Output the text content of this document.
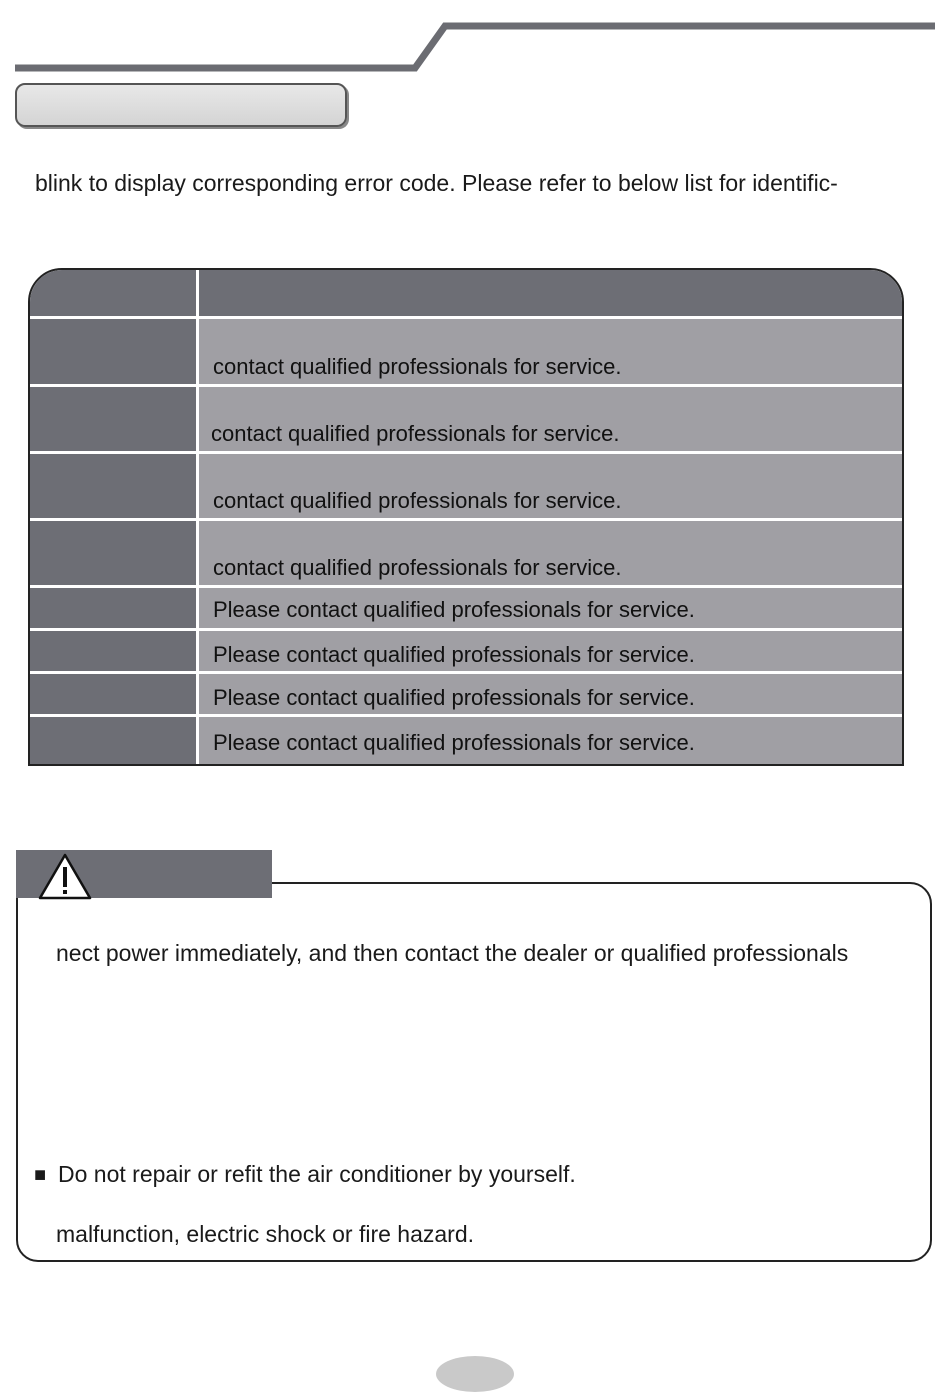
blink to display corresponding error code. Please refer to below list for identific-
contact qualified professionals for service.
contact qualified professionals for service.
contact qualified professionals for service.
contact qualified professionals for service.
Please contact qualified professionals for service.
Please contact qualified professionals for service.
Please contact qualified professionals for service.
Please contact qualified professionals for service.
nect power immediately, and then contact the dealer or qualified professionals
■ Do not repair or refit the air conditioner by yourself.
malfunction, electric shock or fire hazard.
